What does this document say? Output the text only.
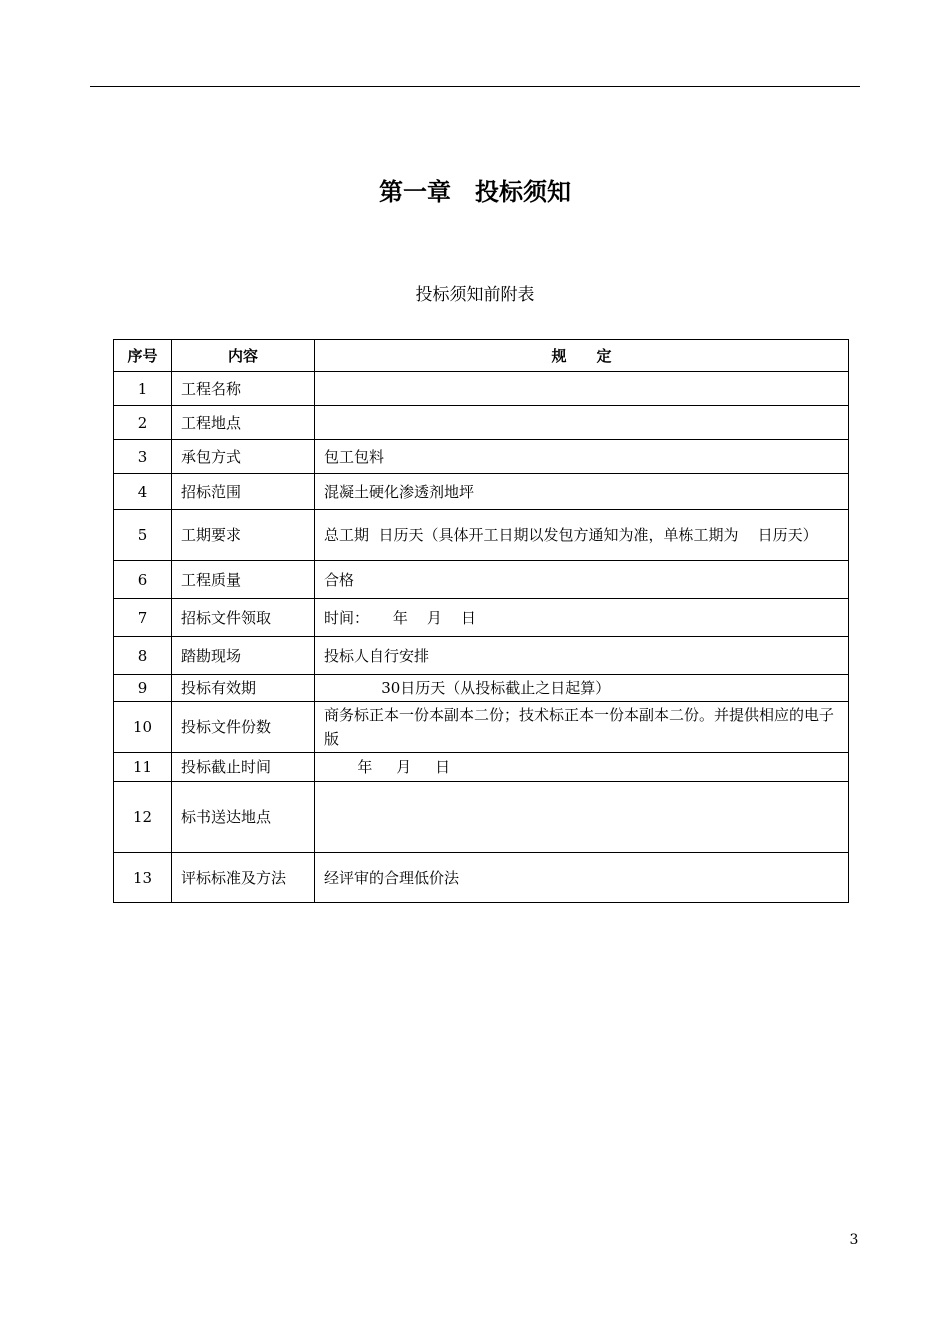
第一章　投标须知
投标须知前附表
序号	内容	规　　定
1	工程名称	
2	工程地点	
3	承包方式	包工包料
4	招标范围	混凝土硬化渗透剂地坪
5	工期要求	总工期  日历天（具体开工日期以发包方通知为准，单栋工期为    日历天）
6	工程质量	合格
7	招标文件领取	时间：     年    月    日
8	踏勘现场	投标人自行安排
9	投标有效期	30日历天（从投标截止之日起算）
10	投标文件份数	商务标正本一份本副本二份；技术标正本一份本副本二份。并提供相应的电子版
11	投标截止时间	年     月     日
12	标书送达地点	
13	评标标准及方法	经评审的合理低价法
3
